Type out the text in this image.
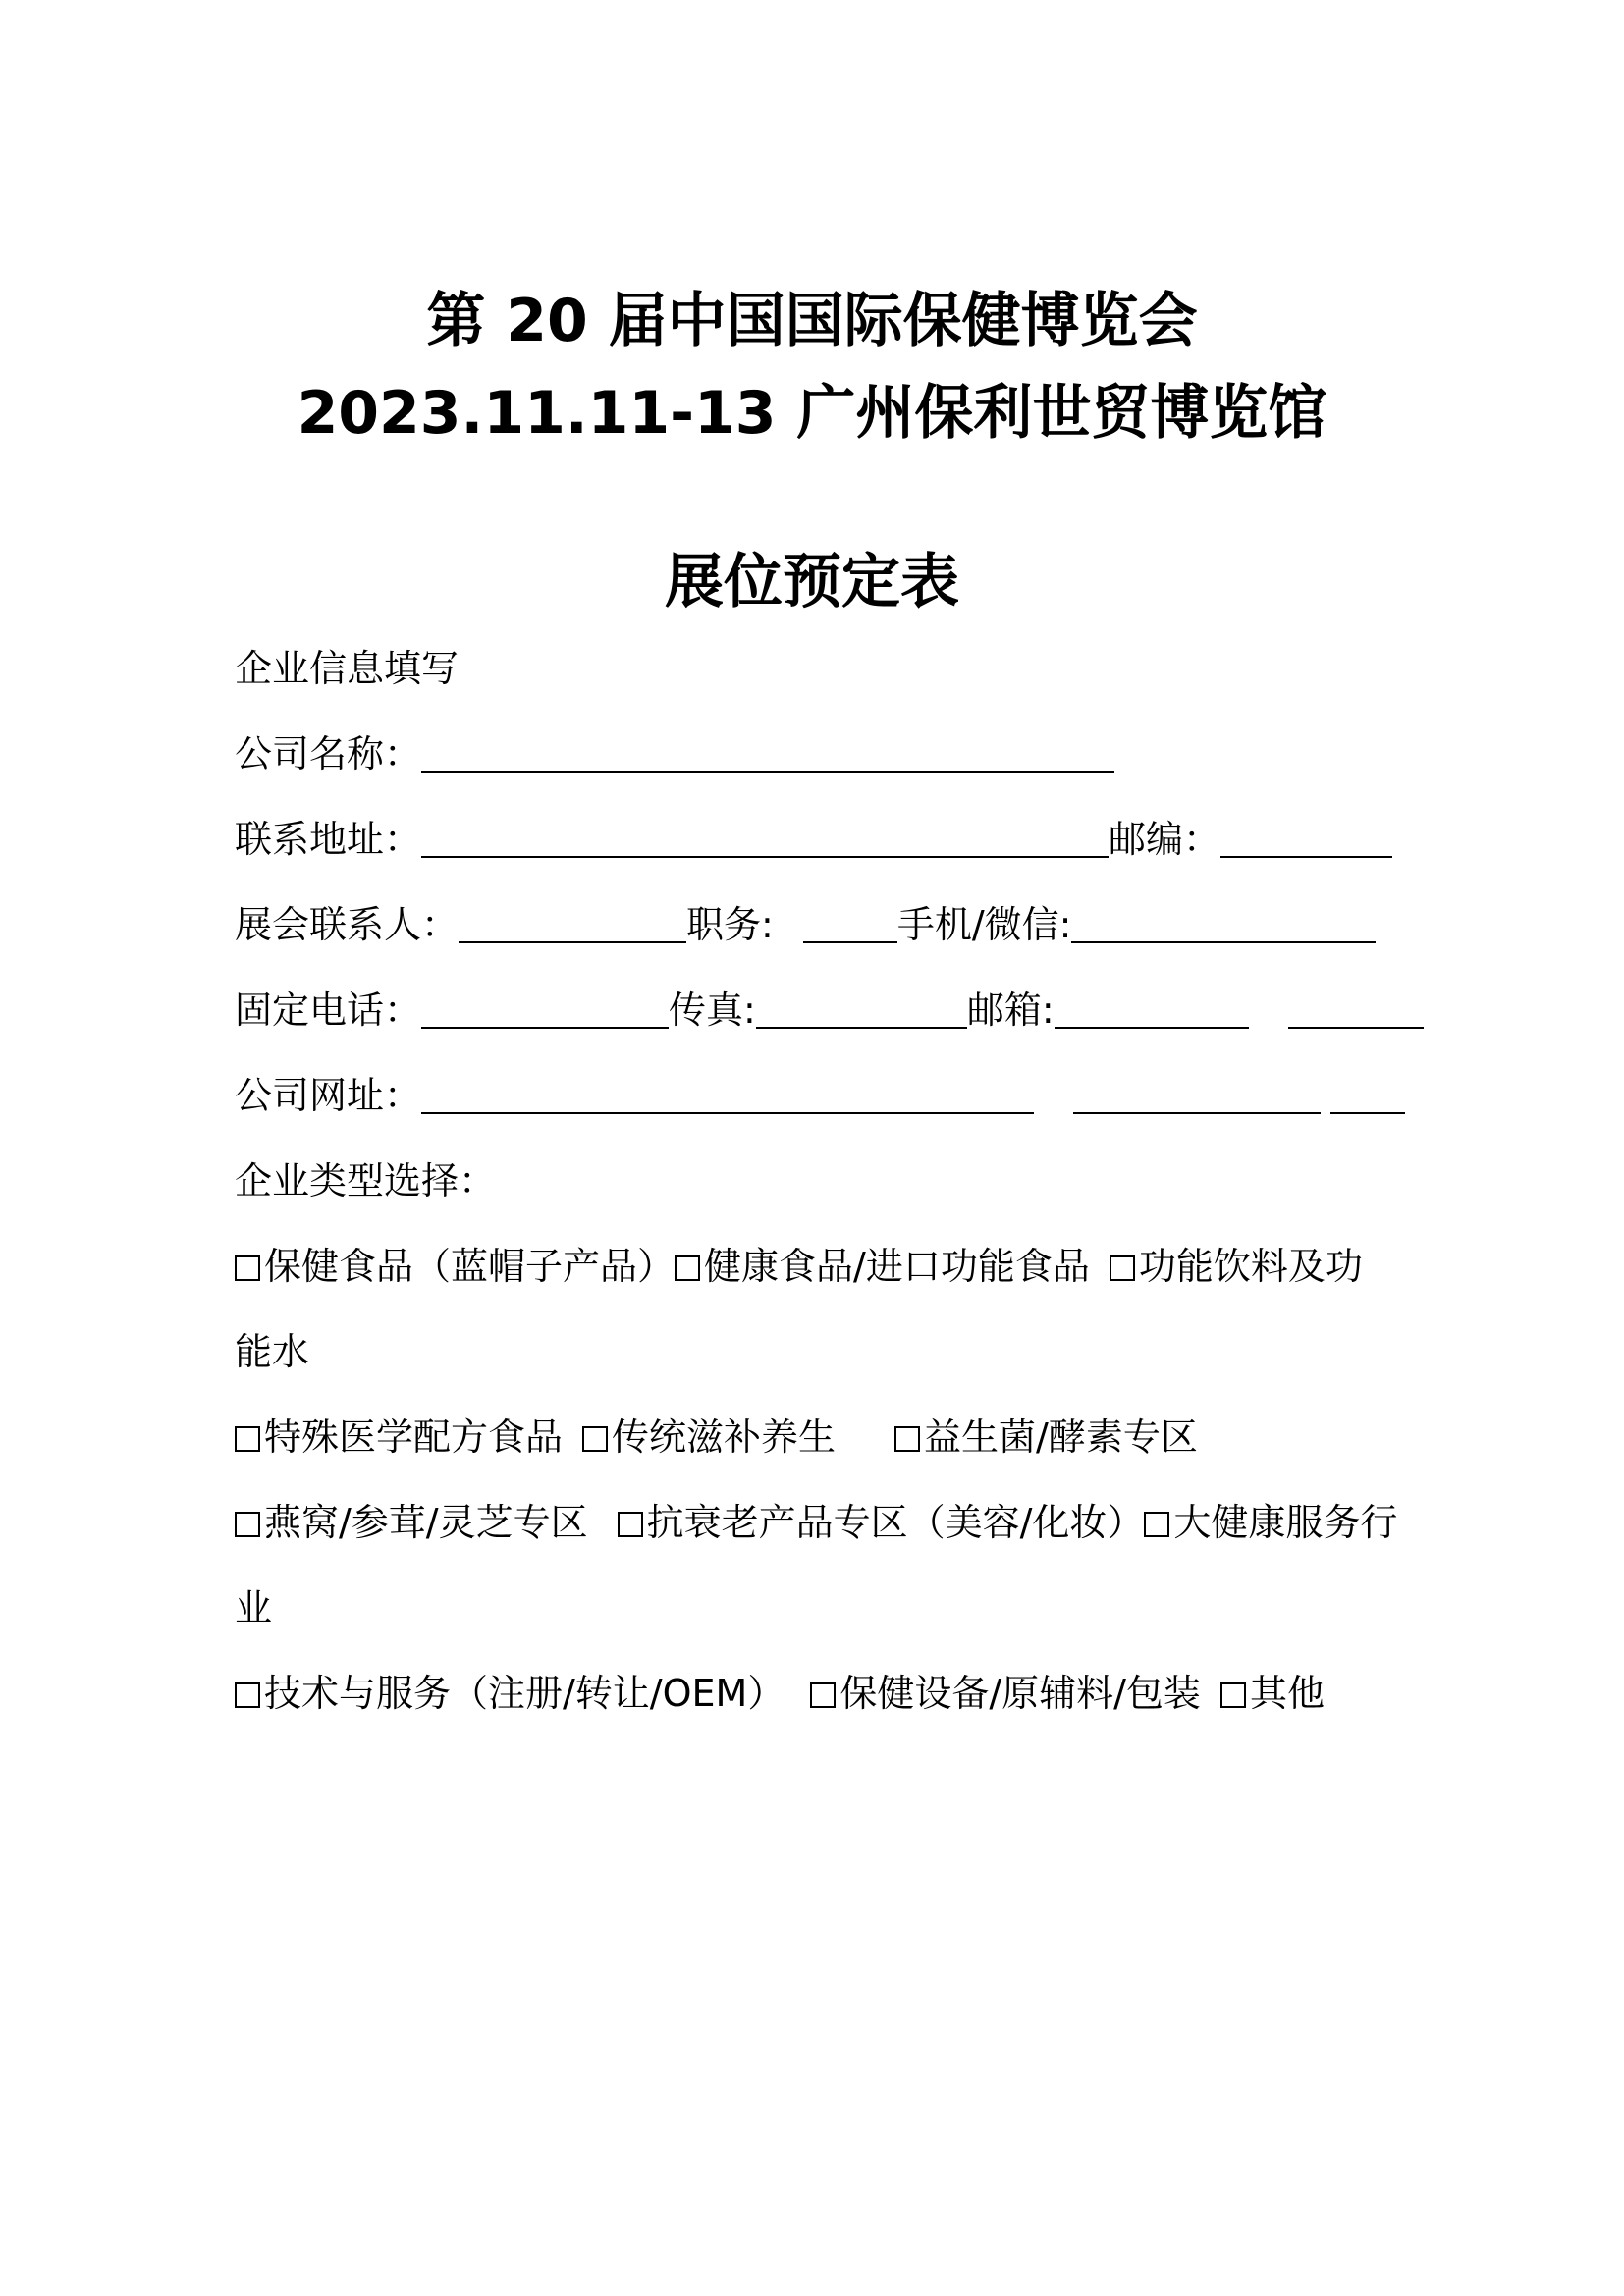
第 20 届中国国际保健博览会
2023.11.11-13 广州保利世贸博览馆
展位预定表
企业信息填写
公司名称：
联系地址：	邮编：
展会联系人：	职务:	手机/微信:
固定电话：	传真:	邮箱:
公司网址：
企业类型选择：
保健食品（蓝帽子产品） 健康食品/进口功能食品 功能饮料及功
能水
特殊医学配方食品 传统滋补养生 益生菌/酵素专区
燕窝/参茸/灵芝专区 抗衰老产品专区（美容/化妆） 大健康服务行
业
技术与服务（注册/转让/OEM） 保健设备/原辅料/包装 其他
